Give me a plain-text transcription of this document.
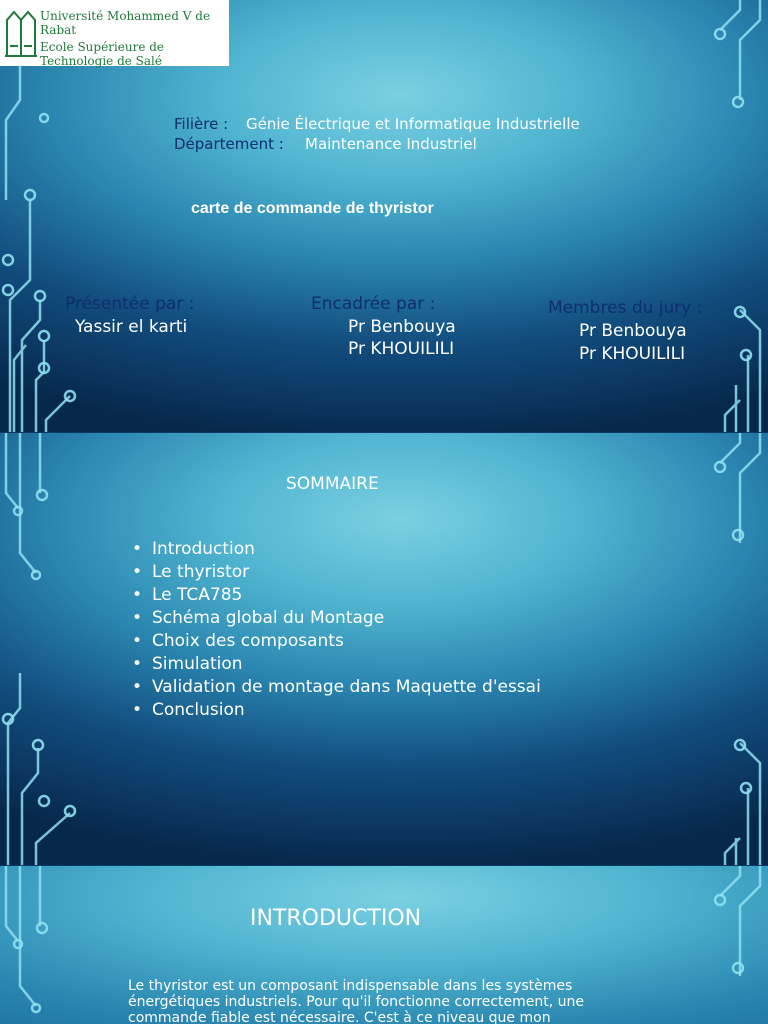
Université Mohammed V de Rabat
Ecole Supérieure de Technologie de Salé
Filière : Génie Électrique et Informatique Industrielle
Département : Maintenance Industriel
carte de commande de thyristor
Présentée par :
Yassir el karti
Encadrée par :
Pr Benbouya
Pr KHOUILILI
Membres du jury :
Pr Benbouya
Pr KHOUILILI
SOMMAIRE
• Introduction
• Le thyristor
• Le TCA785
• Schéma global du Montage
• Choix des composants
• Simulation
• Validation de montage dans Maquette d'essai
• Conclusion
INTRODUCTION
Le thyristor est un composant indispensable dans les systèmes énergétiques industriels. Pour qu'il fonctionne correctement, une commande fiable est nécessaire. C'est à ce niveau que mon
